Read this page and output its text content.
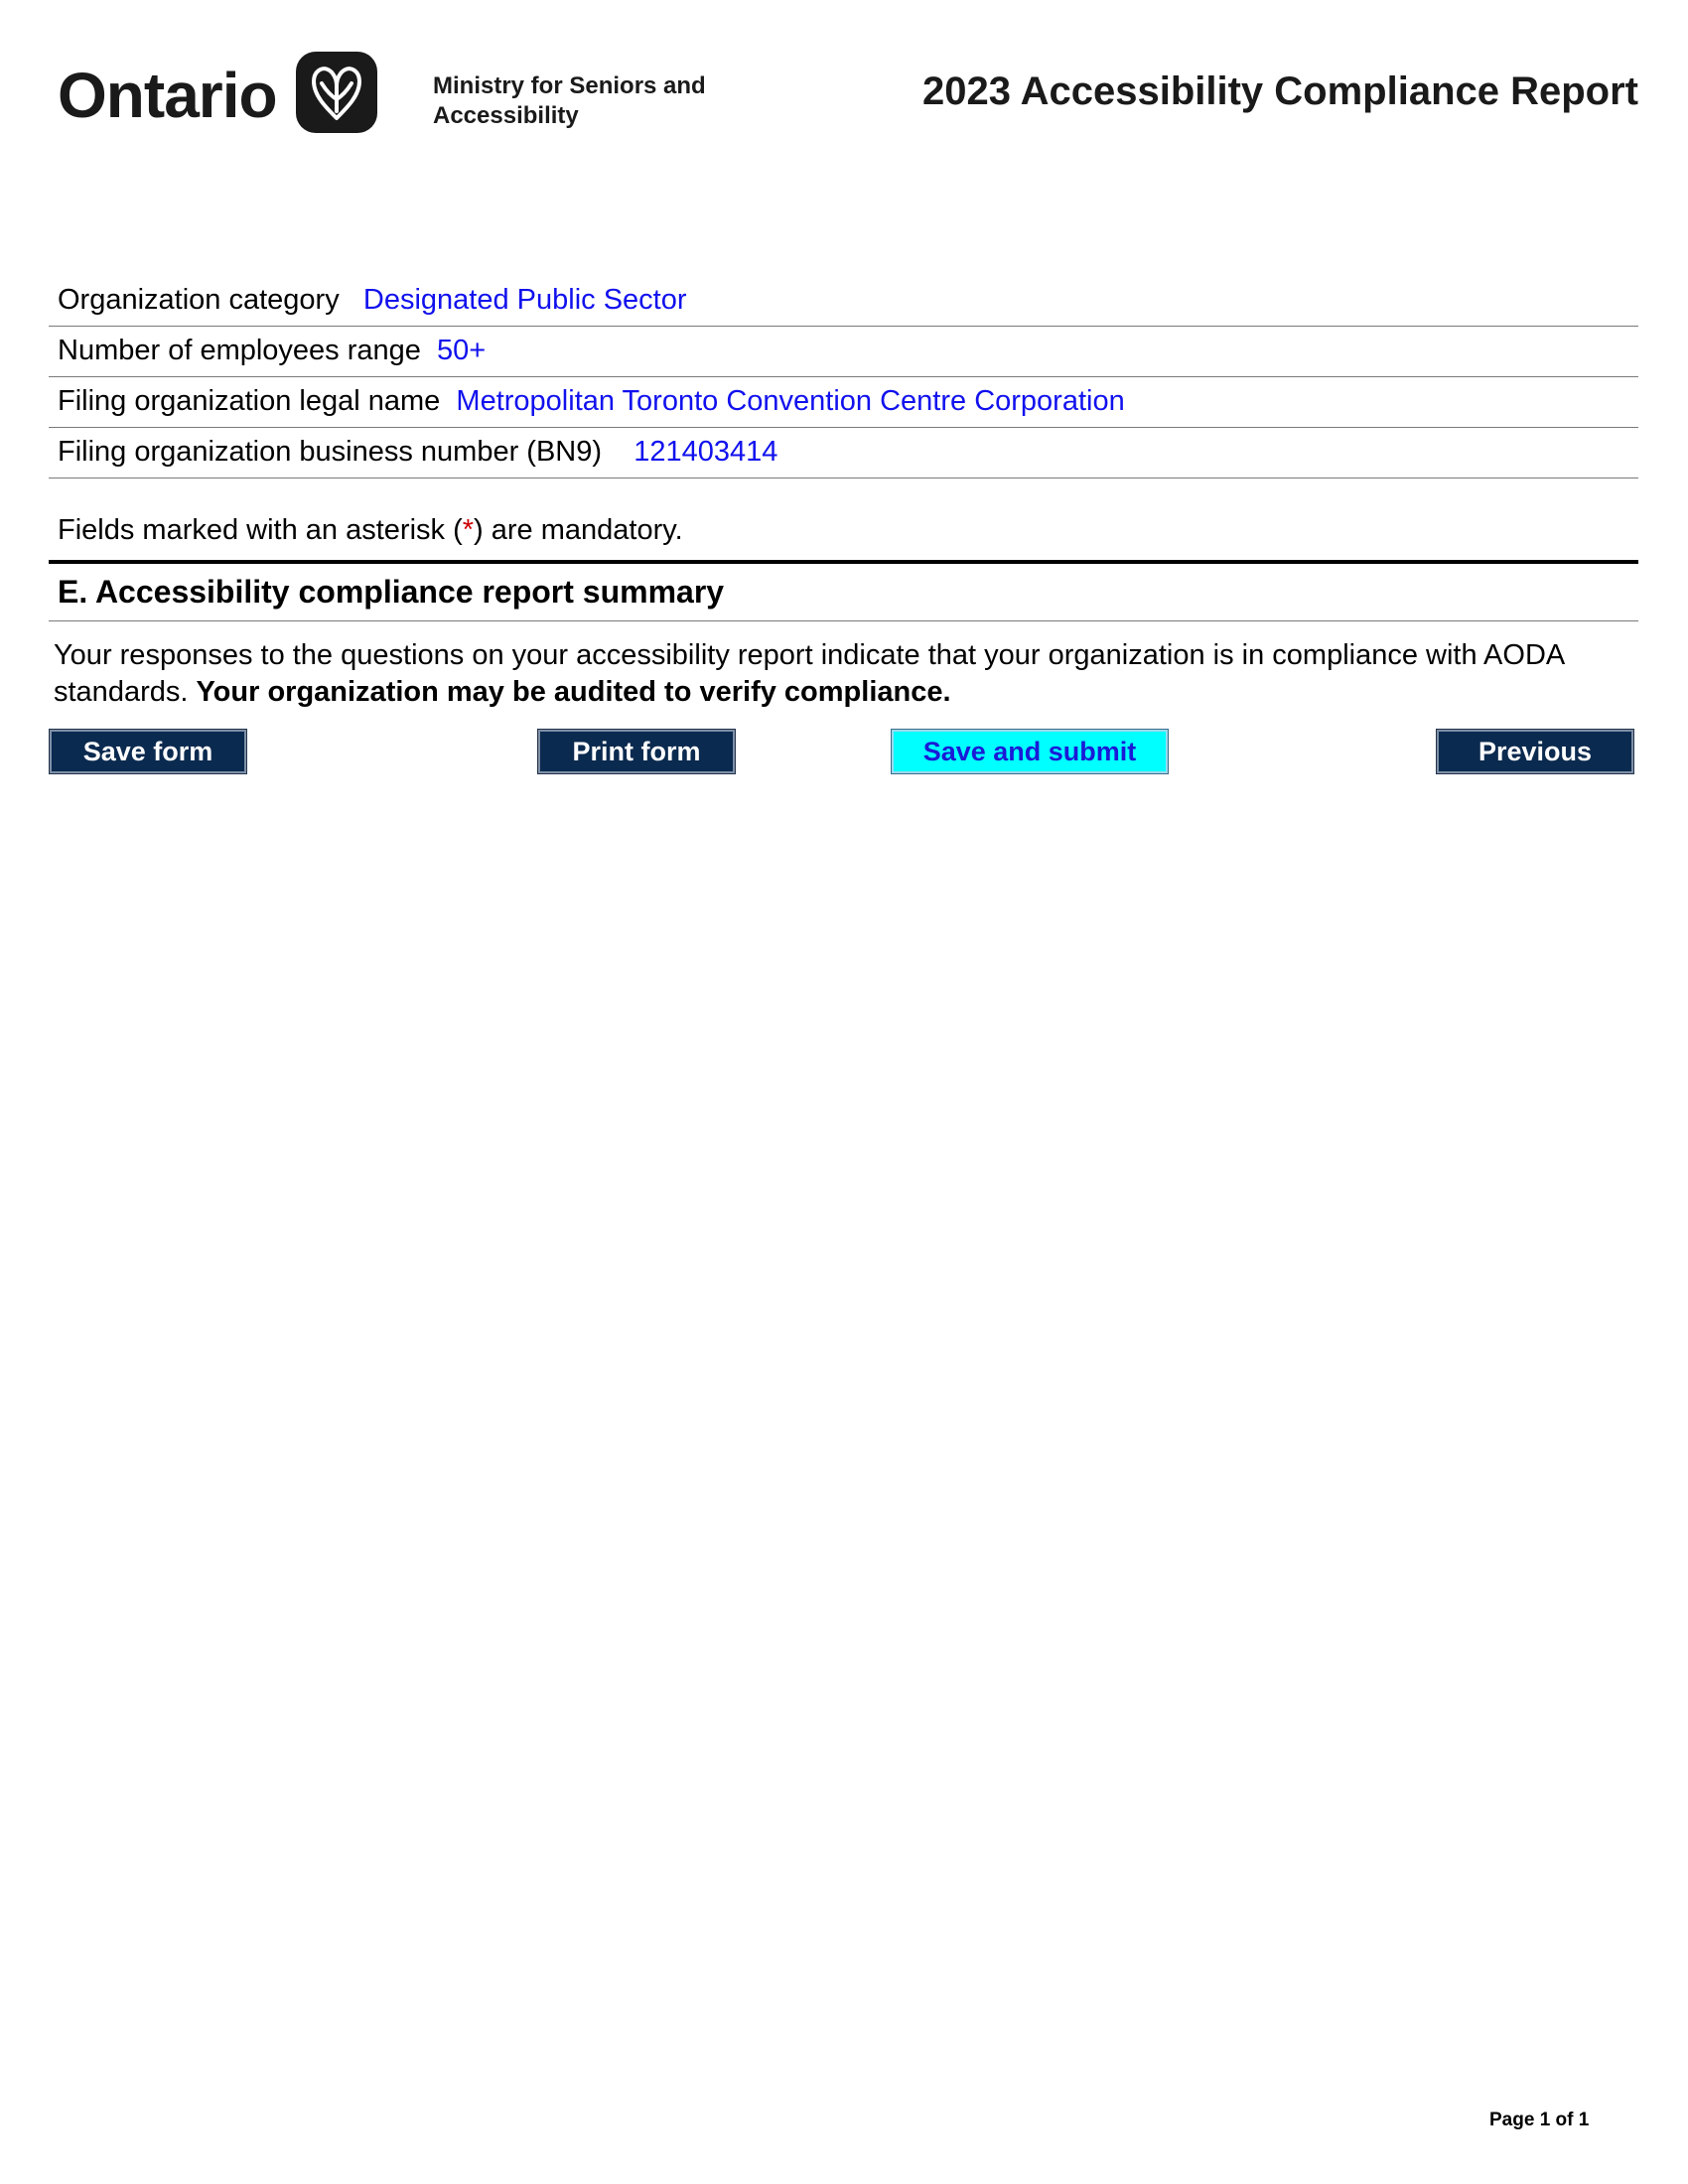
Ontario	Ministry for Seniors and Accessibility
2023 Accessibility Compliance Report
Organization category Designated Public Sector
Number of employees range 50+
Filing organization legal name Metropolitan Toronto Convention Centre Corporation
Filing organization business number (BN9) 121403414
Fields marked with an asterisk (*) are mandatory.
E. Accessibility compliance report summary
Your responses to the questions on your accessibility report indicate that your organization is in compliance with AODA standards. Your organization may be audited to verify compliance.
Save form	Print form	Save and submit	Previous
Page 1 of 1
